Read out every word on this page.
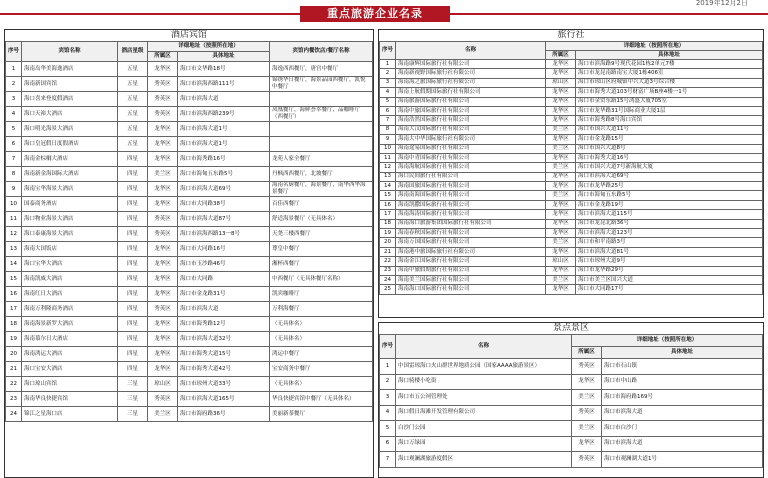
2019年12月2日
重点旅游企业名录
酒店宾馆
序号	宾馆名称	酒店星级	详细地址（按照所在地）		宾馆内餐饮店/餐厅名称
			所属区	具体地址	
1	海南岛华美海逸酒店	五星	龙华区	海口市文华路18号	海逸西西餐厅，唐宫中餐厅
2	海南新国宾馆	五星	秀英区	海口市滨海西路111号	锦绣华日餐厅，海景品园西餐厅，凯悦中餐厅
3	海口喜来登度假酒店	五星	秀英区	海口市滨海大道	
4	海口天裕大酒店	五星	秀英区	海口市滨海西路239号	凤凰餐厅，海鲜荟萃餐厅，品咖啡厅（西餐厅）
5	海口明光海景大酒店	五星	龙华区	海口市滨海大道1号	
6	海口皇冠假日度假酒店	五星	龙华区	海口市滨海大道1号	
7	海南金棕榈大酒店	四星	龙华区	海口市海秀路16号	龙苑人家全餐厅
8	海南新金海国际大酒店	四星	美兰区	海口市海甸五东路5号	丹枫西西餐厅，北坡餐厅
9	海南宝华海景大酒店	四星	龙华区	海口市滨海大道69号	海南名厨餐厅，海景餐厅，南华西华海景餐厅
10	国泰商务酒店	四星	龙华区	海口市大同路38号	百佳西餐厅
11	海口物业海景大酒店	四星	秀英区	海口市滨海大道87号	舒适海景餐厅（无具体名）
12	海口泰康海景大酒店	四星	秀英区	海口市滨海西路13一8号	天尧三楼西餐厅
13	海南大国饭店	四星	龙华区	海口市大同路16号	尊皇中餐厅
14	海口宝华大酒店	四星	龙华区	海口市玉沙路46号	湘杯西餐厅
15	海南凯威大酒店	四星	龙华区	海口市大同路	中西餐厅（无具体餐厅名称）
16	海南红日大酒店	四星	龙华区	海口市金龙路31号	凯宾咖啡厅
17	海南万利隆商务酒店	四星	秀英区	海口市滨海大道	万利海餐厅
18	海南海景新罗大酒店	四星	龙华区	海口市海秀路12号	（无具体名）
19	海南慕尔日大酒店	四星	龙华区	海口市滨海大道32号	（无具体名）
20	海南鸿运大酒店	四星	龙华区	海口市海秀大道15号	鸿运中餐厅
21	海口宝安大酒店	四星	龙华区	海口市海秀大道42号	宝安商务中餐厅
22	海口琼山宾馆	三星	琼山区	海口市琼州大道33号	（无具体名）
23	海南华良快捷宾馆	三星	秀英区	海口市滨海大道165号	华良快捷宾馆中餐厅（无具体名）
24	锦江之星海口店	三星	美兰区	海口市海府路36号	美丽新茶餐厅
旅行社
序号	名称	详细地址（按照所在地）	
		所属区	具体地址
1	海南康辉国际旅行社有限公司	龙华区	海口市滨海路9号现代花园1栋2单元7楼
2	海南新视野国际旅行社有限公司	龙华区	海口市龙昆南路南宝大厦1栋406室
3	海南海之旅国际旅行社有限公司	琼山区	海口市琼山区府城镇中兴大道3号综合楼
4	海南上航假期国际旅行社有限公司	龙华区	海口市海秀大道103号财富广场B座4楼一1号
5	海南旅游国际旅行社有限公司	龙华区	海口市金贸东路15号鸿盛大厦705室
6	海南中旅国际旅行社有限公司	龙华区	海口市龙华路31号国际商业大厦1层
7	海南浩然国际旅行社有限公司	龙华区	海口市海秀路8号海口宾馆
8	海南大汉国际旅行社有限公司	美兰区	海口市国兴大道11号
9	海南大中华国际旅行社有限公司	龙华区	海口市金龙路15号
10	海南途易国际旅行社有限公司	美兰区	海口市国兴大道8号
11	海南中青国际旅行社有限公司	龙华区	海口市海秀大道16号
12	海南海航国际旅行社有限公司	美兰区	海口市国兴大道7号新海航大厦
13	海口民间旅行社有限公司	龙华区	海口市滨海大道69号
14	海南国旅国际旅行社有限公司	龙华区	海口市龙华路25号
15	海南南海国际旅行社有限公司	美兰区	海口市海甸五东路5号
16	海南凯撒国际旅行社有限公司	龙华区	海口市金龙路19号
17	海南海涛国际旅行社有限公司	龙华区	海口市滨海大道115号
18	海南海口旅游集团国际旅行社有限公司	龙华区	海口市龙昆北路36号
19	海南春秋国际旅行社有限公司	龙华区	海口市滨海大道123号
20	海南万国国际旅行社有限公司	美兰区	海口市和平南路3号
21	海南港中旅国际旅行社有限公司	龙华区	海口市滨海大道81号
22	海南金江国际旅行社有限公司	琼山区	海口市琼州大道9号
23	海南中旅假期旅行社有限公司	龙华区	海口市龙华路29号
24	海南美兰国际旅行社有限公司	美兰区	海口市美兰区国兴大道
25	海南海口国际旅行社有限公司	龙华区	海口市大同路17号
景点景区
序号	名称	详细地址（按照所在地）	
		所属区	具体地址
1	中国雷琼海口火山群世界地质公园（国家AAAA旅游景区）	秀英区	海口市石山镇
2	海口骑楼小吃街	龙华区	海口市中山路
3	海口市五公祠管理处	美兰区	海口市海府路169号
4	海口假日海滩开发管理有限公司	秀英区	海口市滨海大道
5	白沙门公园	美兰区	海口市白沙门
6	海口万绿园	龙华区	海口市滨海大道
7	海口观澜湖旅游度假区	秀英区	海口市观澜湖大道1号
